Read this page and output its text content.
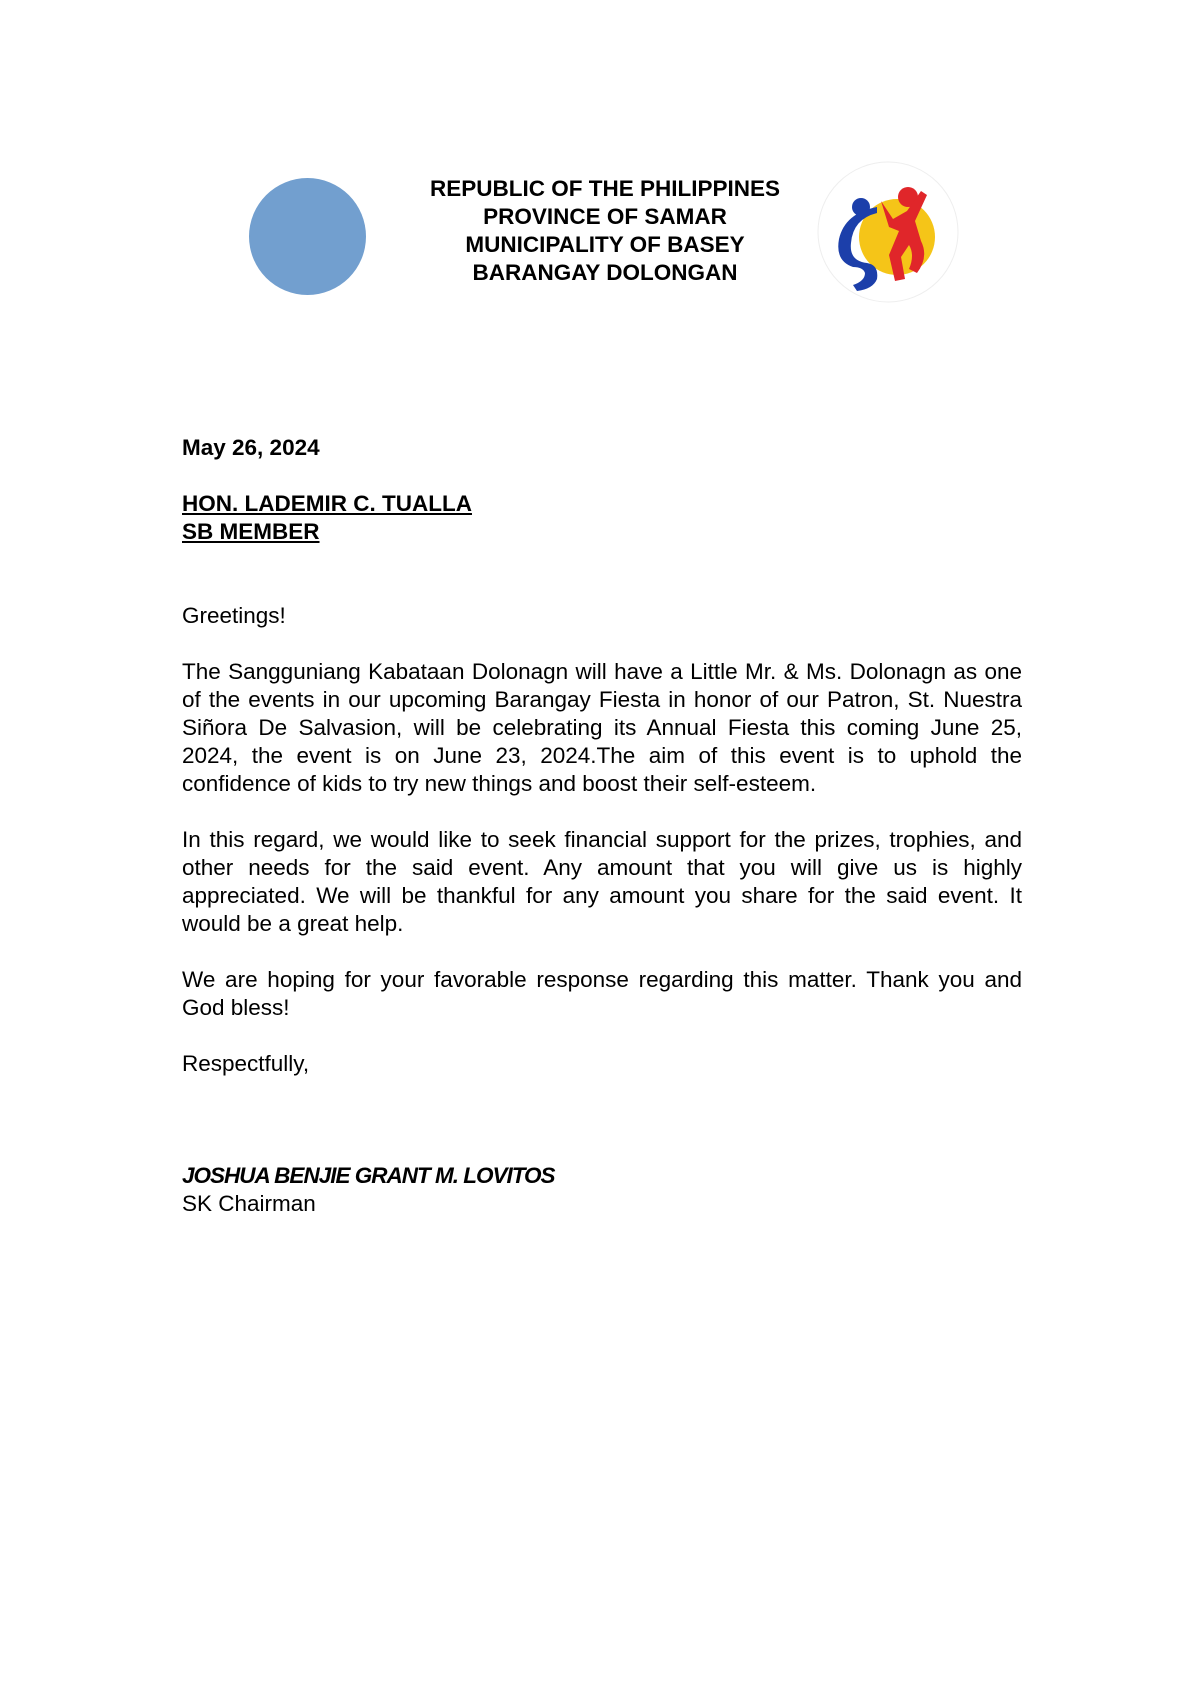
REPUBLIC OF THE PHILIPPINES
PROVINCE OF SAMAR
MUNICIPALITY OF BASEY
BARANGAY DOLONGAN

May 26, 2024

HON. LADEMIR C. TUALLA
SB MEMBER
Greetings!
The Sangguniang Kabataan Dolonagn will have a Little Mr. & Ms. Dolonagn as one of the events in our upcoming Barangay Fiesta in honor of our Patron, St. Nuestra Siñora De Salvasion, will be celebrating its Annual Fiesta this coming June 25, 2024, the event is on June 23, 2024.The aim of this event is to uphold the confidence of kids to try new things and boost their self-esteem.
In this regard, we would like to seek financial support for the prizes, trophies, and other needs for the said event. Any amount that you will give us is highly appreciated. We will be thankful for any amount you share for the said event. It would be a great help.
We are hoping for your favorable response regarding this matter. Thank you and God bless!
Respectfully,
JOSHUA BENJIE GRANT M. LOVITOS
SK Chairman
